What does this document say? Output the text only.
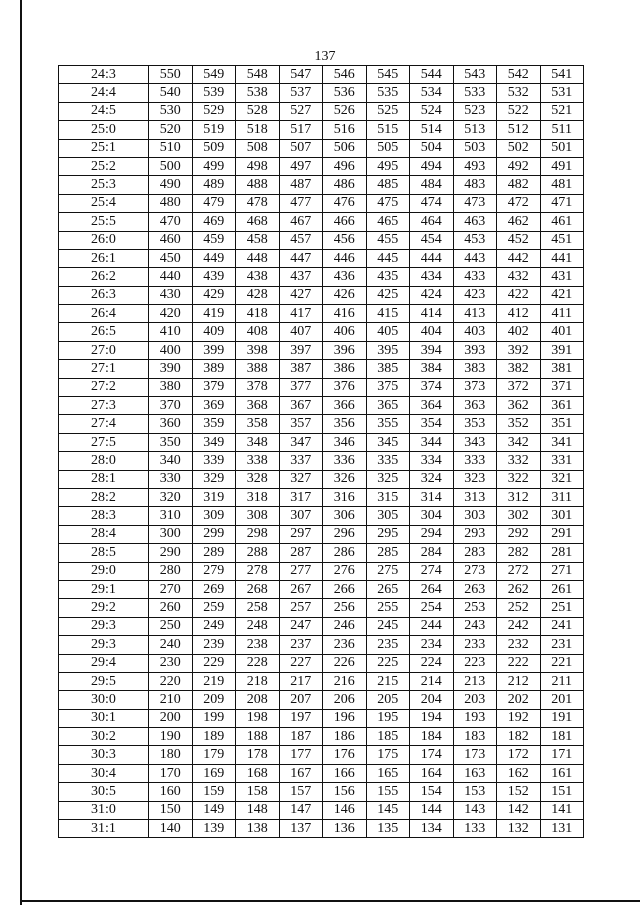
137
24:3	550	549	548	547	546	545	544	543	542	541
24:4	540	539	538	537	536	535	534	533	532	531
24:5	530	529	528	527	526	525	524	523	522	521
25:0	520	519	518	517	516	515	514	513	512	511
25:1	510	509	508	507	506	505	504	503	502	501
25:2	500	499	498	497	496	495	494	493	492	491
25:3	490	489	488	487	486	485	484	483	482	481
25:4	480	479	478	477	476	475	474	473	472	471
25:5	470	469	468	467	466	465	464	463	462	461
26:0	460	459	458	457	456	455	454	453	452	451
26:1	450	449	448	447	446	445	444	443	442	441
26:2	440	439	438	437	436	435	434	433	432	431
26:3	430	429	428	427	426	425	424	423	422	421
26:4	420	419	418	417	416	415	414	413	412	411
26:5	410	409	408	407	406	405	404	403	402	401
27:0	400	399	398	397	396	395	394	393	392	391
27:1	390	389	388	387	386	385	384	383	382	381
27:2	380	379	378	377	376	375	374	373	372	371
27:3	370	369	368	367	366	365	364	363	362	361
27:4	360	359	358	357	356	355	354	353	352	351
27:5	350	349	348	347	346	345	344	343	342	341
28:0	340	339	338	337	336	335	334	333	332	331
28:1	330	329	328	327	326	325	324	323	322	321
28:2	320	319	318	317	316	315	314	313	312	311
28:3	310	309	308	307	306	305	304	303	302	301
28:4	300	299	298	297	296	295	294	293	292	291
28:5	290	289	288	287	286	285	284	283	282	281
29:0	280	279	278	277	276	275	274	273	272	271
29:1	270	269	268	267	266	265	264	263	262	261
29:2	260	259	258	257	256	255	254	253	252	251
29:3	250	249	248	247	246	245	244	243	242	241
29:3	240	239	238	237	236	235	234	233	232	231
29:4	230	229	228	227	226	225	224	223	222	221
29:5	220	219	218	217	216	215	214	213	212	211
30:0	210	209	208	207	206	205	204	203	202	201
30:1	200	199	198	197	196	195	194	193	192	191
30:2	190	189	188	187	186	185	184	183	182	181
30:3	180	179	178	177	176	175	174	173	172	171
30:4	170	169	168	167	166	165	164	163	162	161
30:5	160	159	158	157	156	155	154	153	152	151
31:0	150	149	148	147	146	145	144	143	142	141
31:1	140	139	138	137	136	135	134	133	132	131
